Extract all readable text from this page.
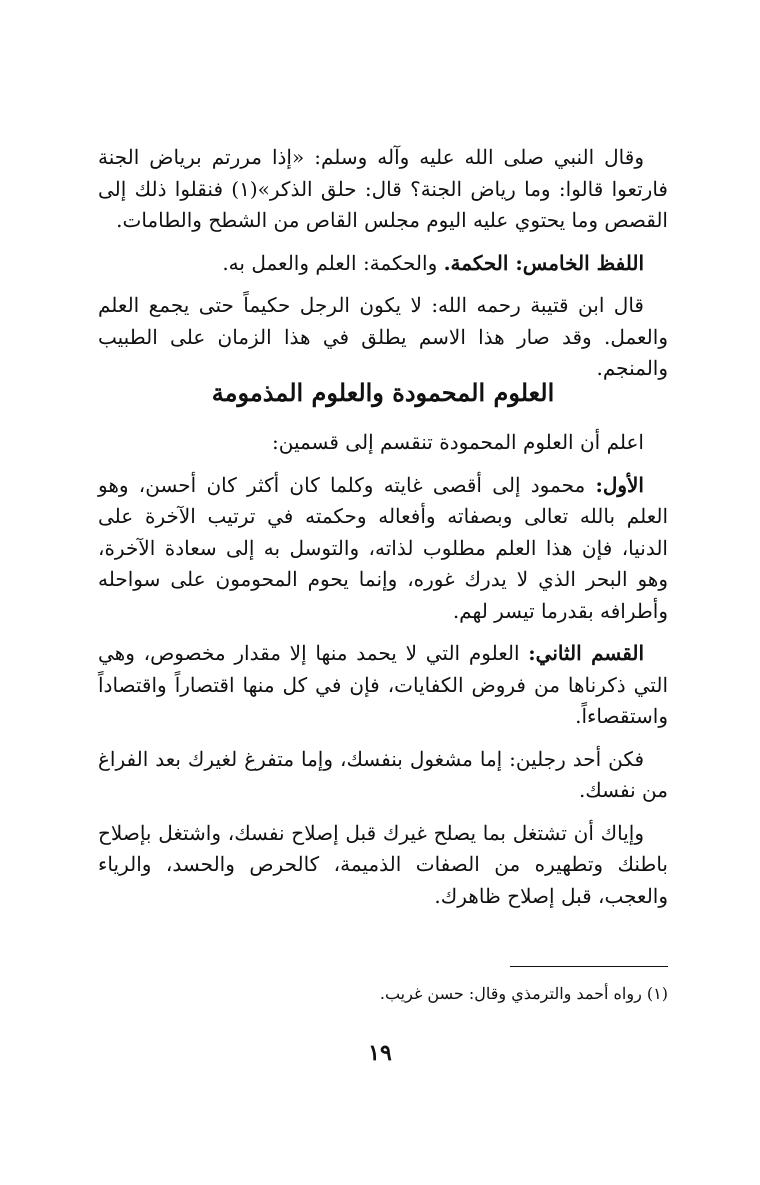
وقال النبي صلى الله عليه وآله وسلم: «إذا مررتم برياض الجنة فارتعوا قالوا: وما رياض الجنة؟ قال: حلق الذكر»(١) فنقلوا ذلك إلى القصص وما يحتوي عليه اليوم مجلس القاص من الشطح والطامات.

اللفظ الخامس: الحكمة. والحكمة: العلم والعمل به.

قال ابن قتيبة رحمه الله: لا يكون الرجل حكيماً حتى يجمع العلم والعمل. وقد صار هذا الاسم يطلق في هذا الزمان على الطبيب والمنجم.

العلوم المحمودة والعلوم المذمومة

اعلم أن العلوم المحمودة تنقسم إلى قسمين:

الأول: محمود إلى أقصى غايته وكلما كان أكثر كان أحسن، وهو العلم بالله تعالى وبصفاته وأفعاله وحكمته في ترتيب الآخرة على الدنيا، فإن هذا العلم مطلوب لذاته، والتوسل به إلى سعادة الآخرة، وهو البحر الذي لا يدرك غوره، وإنما يحوم المحومون على سواحله وأطرافه بقدرما تيسر لهم.

القسم الثاني: العلوم التي لا يحمد منها إلا مقدار مخصوص، وهي التي ذكرناها من فروض الكفايات، فإن في كل منها اقتصاراً واقتصاداً واستقصاءاً.

فكن أحد رجلين: إما مشغول بنفسك، وإما متفرغ لغيرك بعد الفراغ من نفسك.

وإياك أن تشتغل بما يصلح غيرك قبل إصلاح نفسك، واشتغل بإصلاح باطنك وتطهيره من الصفات الذميمة، كالحرص والحسد، والرياء والعجب، قبل إصلاح ظاهرك.

(١) رواه أحمد والترمذي وقال: حسن غريب.
١٩
